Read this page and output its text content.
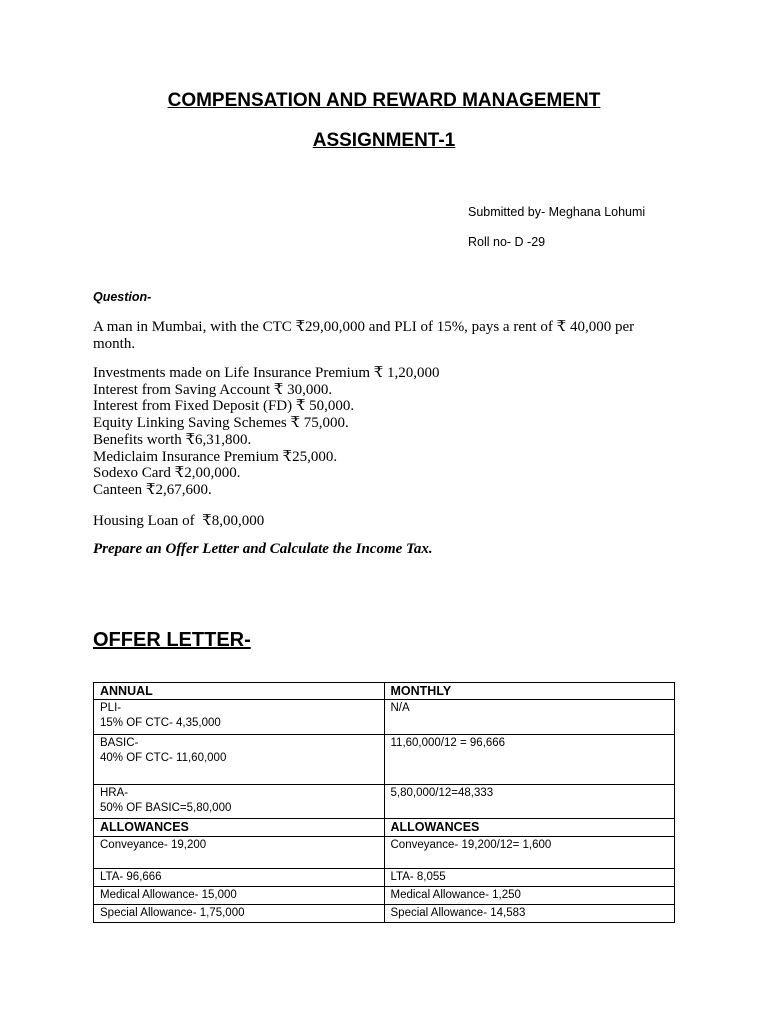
COMPENSATION AND REWARD MANAGEMENT
ASSIGNMENT-1
Submitted by- Meghana Lohumi
Roll no- D -29
Question-
A man in Mumbai, with the CTC ₹29,00,000 and PLI of 15%, pays a rent of ₹ 40,000 per month.
Investments made on Life Insurance Premium ₹ 1,20,000
Interest from Saving Account ₹ 30,000.
Interest from Fixed Deposit (FD) ₹ 50,000.
Equity Linking Saving Schemes ₹ 75,000.
Benefits worth ₹6,31,800.
Mediclaim Insurance Premium ₹25,000.
Sodexo Card ₹2,00,000.
Canteen ₹2,67,600.
Housing Loan of  ₹8,00,000
Prepare an Offer Letter and Calculate the Income Tax.
OFFER LETTER-
ANNUAL	MONTHLY

PLI-
15% OF CTC- 4,35,000	N/A

BASIC-
40% OF CTC- 11,60,000	11,60,000/12 = 96,666

HRA-
50% OF BASIC=5,80,000	5,80,000/12=48,333

ALLOWANCES	ALLOWANCES

Conveyance- 19,200	Conveyance- 19,200/12= 1,600

LTA- 96,666	LTA- 8,055

Medical Allowance- 15,000	Medical Allowance- 1,250

Special Allowance- 1,75,000	Special Allowance- 14,583
